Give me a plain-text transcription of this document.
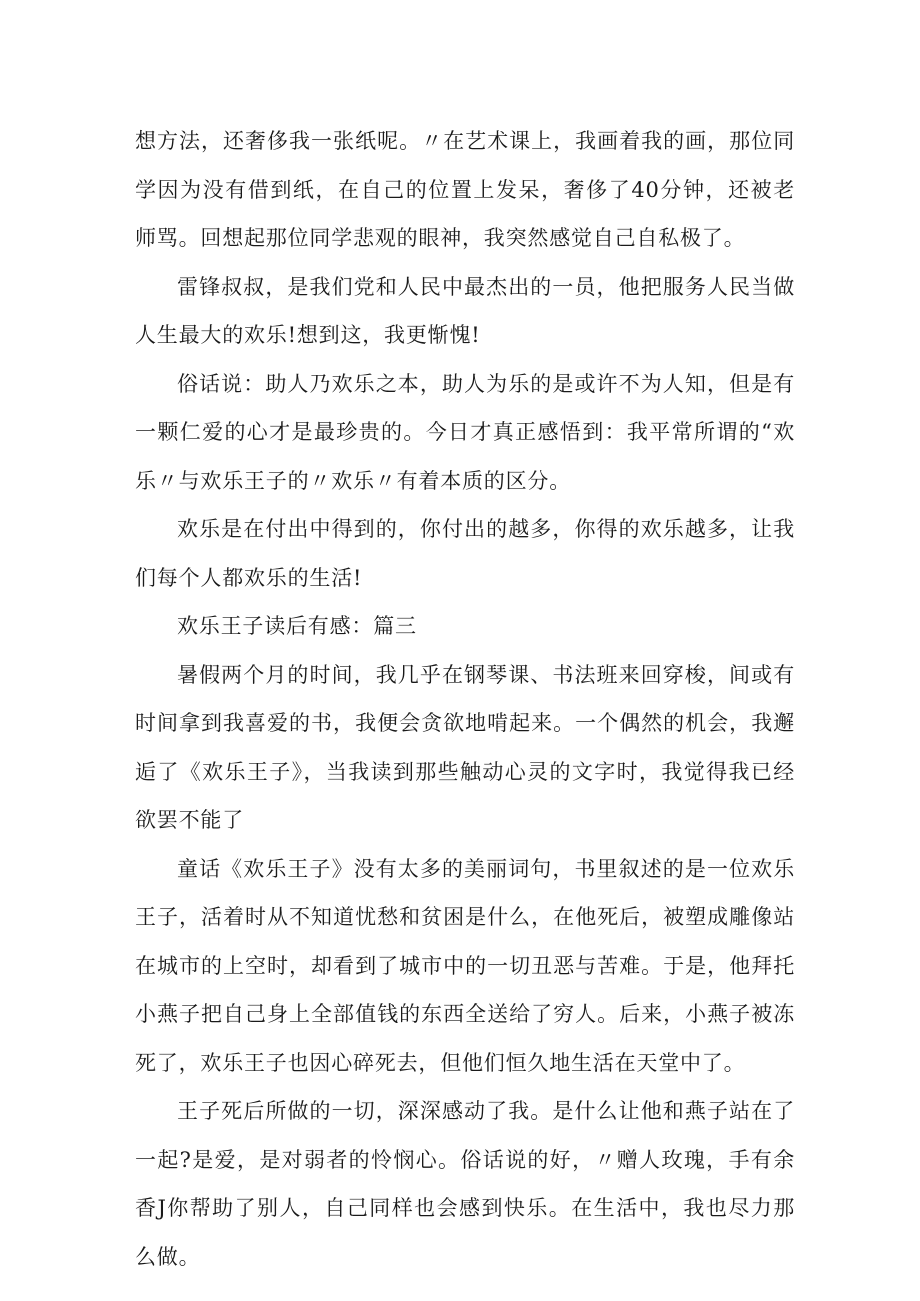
想方法，还奢侈我一张纸呢。〃在艺术课上，我画着我的画，那位同学因为没有借到纸，在自己的位置上发呆，奢侈了40分钟，还被老师骂。回想起那位同学悲观的眼神，我突然感觉自己自私极了。

雷锋叔叔，是我们党和人民中最杰出的一员，他把服务人民当做人生最大的欢乐!想到这，我更惭愧!

俗话说：助人乃欢乐之本，助人为乐的是或许不为人知，但是有一颗仁爱的心才是最珍贵的。今日才真正感悟到：我平常所谓的“欢乐〃与欢乐王子的〃欢乐〃有着本质的区分。

欢乐是在付出中得到的，你付出的越多，你得的欢乐越多，让我们每个人都欢乐的生活!

欢乐王子读后有感：篇三

暑假两个月的时间，我几乎在钢琴课、书法班来回穿梭，间或有时间拿到我喜爱的书，我便会贪欲地啃起来。一个偶然的机会，我邂逅了《欢乐王子》，当我读到那些触动心灵的文字时，我觉得我已经欲罢不能了

童话《欢乐王子》没有太多的美丽词句，书里叙述的是一位欢乐王子，活着时从不知道忧愁和贫困是什么，在他死后，被塑成雕像站在城市的上空时，却看到了城市中的一切丑恶与苦难。于是，他拜托小燕子把自己身上全部值钱的东西全送给了穷人。后来，小燕子被冻死了，欢乐王子也因心碎死去，但他们恒久地生活在天堂中了。

王子死后所做的一切，深深感动了我。是什么让他和燕子站在了一起?是爱，是对弱者的怜悯心。俗话说的好，〃赠人玫瑰，手有余香J你帮助了别人，自己同样也会感到快乐。在生活中，我也尽力那么做。
